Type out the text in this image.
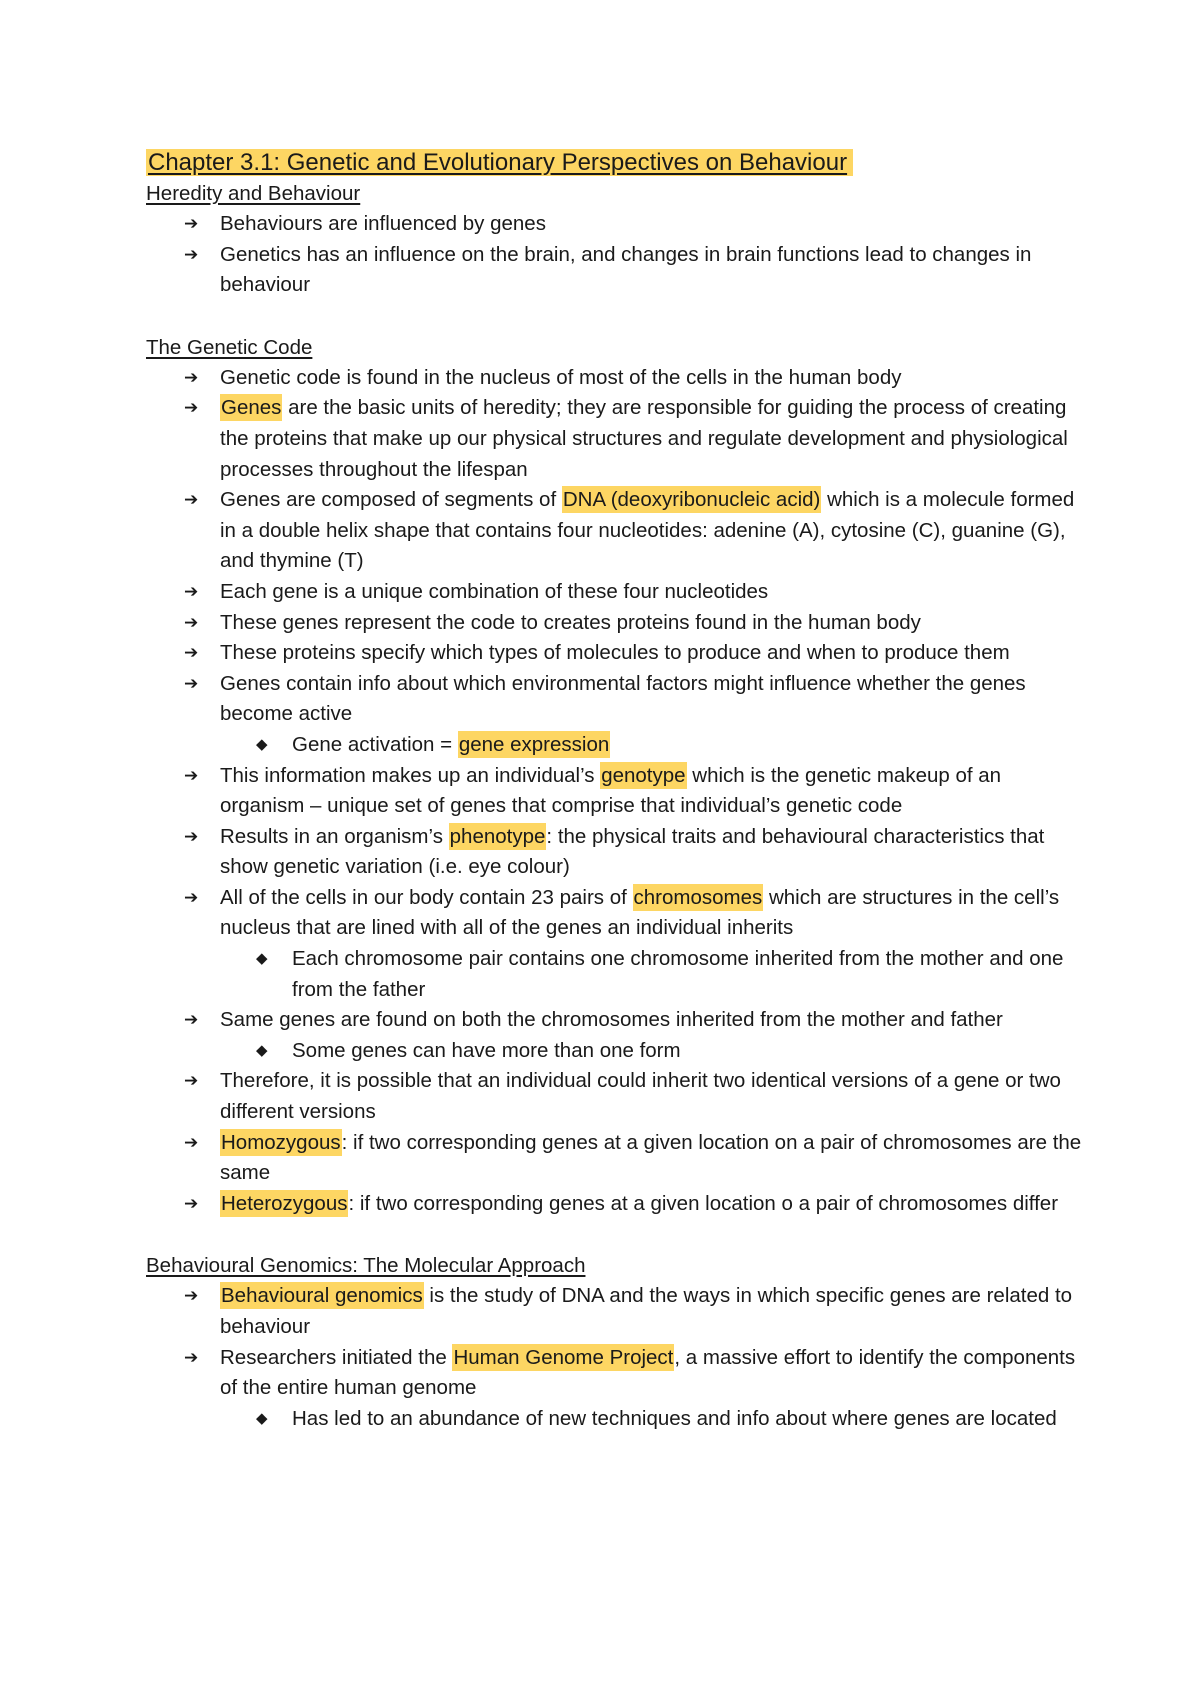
Chapter 3.1: Genetic and Evolutionary Perspectives on Behaviour
Heredity and Behaviour
➔ Behaviours are influenced by genes
➔ Genetics has an influence on the brain, and changes in brain functions lead to changes in behaviour
The Genetic Code
➔ Genetic code is found in the nucleus of most of the cells in the human body
➔ Genes are the basic units of heredity; they are responsible for guiding the process of creating the proteins that make up our physical structures and regulate development and physiological processes throughout the lifespan
➔ Genes are composed of segments of DNA (deoxyribonucleic acid) which is a molecule formed in a double helix shape that contains four nucleotides: adenine (A), cytosine (C), guanine (G), and thymine (T)
➔ Each gene is a unique combination of these four nucleotides
➔ These genes represent the code to creates proteins found in the human body
➔ These proteins specify which types of molecules to produce and when to produce them
➔ Genes contain info about which environmental factors might influence whether the genes become active
◆ Gene activation = gene expression
➔ This information makes up an individual’s genotype which is the genetic makeup of an organism – unique set of genes that comprise that individual’s genetic code
➔ Results in an organism’s phenotype: the physical traits and behavioural characteristics that show genetic variation (i.e. eye colour)
➔ All of the cells in our body contain 23 pairs of chromosomes which are structures in the cell’s nucleus that are lined with all of the genes an individual inherits
◆ Each chromosome pair contains one chromosome inherited from the mother and one from the father
➔ Same genes are found on both the chromosomes inherited from the mother and father
◆ Some genes can have more than one form
➔ Therefore, it is possible that an individual could inherit two identical versions of a gene or two different versions
➔ Homozygous: if two corresponding genes at a given location on a pair of chromosomes are the same
➔ Heterozygous: if two corresponding genes at a given location o a pair of chromosomes differ
Behavioural Genomics: The Molecular Approach
➔ Behavioural genomics is the study of DNA and the ways in which specific genes are related to behaviour
➔ Researchers initiated the Human Genome Project, a massive effort to identify the components of the entire human genome
◆ Has led to an abundance of new techniques and info about where genes are located
